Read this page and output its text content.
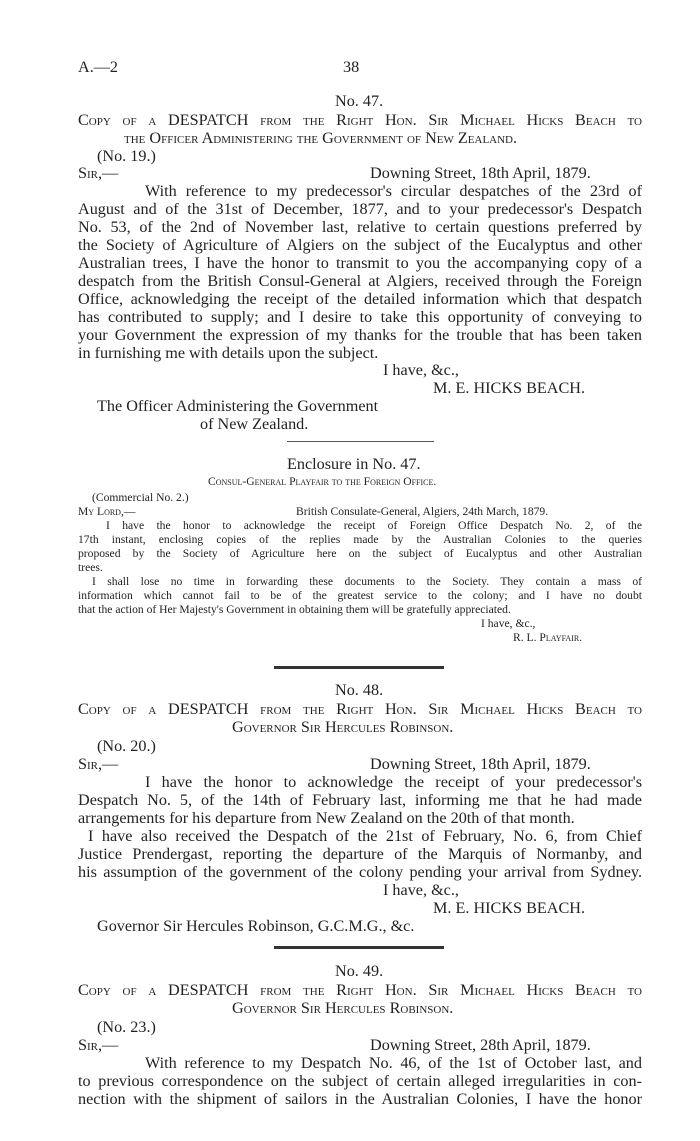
A.—2	38
No. 47.
Copy of a DESPATCH from the Right Hon. Sir Michael Hicks Beach to
the Officer Administering the Government of New Zealand.
(No. 19.)
Sir,—	Downing Street, 18th April, 1879.
With reference to my predecessor's circular despatches of the 23rd of
August and of the 31st of December, 1877, and to your predecessor's Despatch
No. 53, of the 2nd of November last, relative to certain questions preferred by
the Society of Agriculture of Algiers on the subject of the Eucalyptus and other
Australian trees, I have the honor to transmit to you the accompanying copy of a
despatch from the British Consul-General at Algiers, received through the Foreign
Office, acknowledging the receipt of the detailed information which that despatch
has contributed to supply; and I desire to take this opportunity of conveying to
your Government the expression of my thanks for the trouble that has been taken
in furnishing me with details upon the subject.
I have, &c.,
M. E. HICKS BEACH.
The Officer Administering the Government
of New Zealand.
Enclosure in No. 47.
Consul-General Playfair to the Foreign Office.
(Commercial No. 2.)
My Lord,—	British Consulate-General, Algiers, 24th March, 1879.
I have the honor to acknowledge the receipt of Foreign Office Despatch No. 2, of the
17th instant, enclosing copies of the replies made by the Australian Colonies to the queries
proposed by the Society of Agriculture here on the subject of Eucalyptus and other Australian
trees.
I shall lose no time in forwarding these documents to the Society. They contain a mass of
information which cannot fail to be of the greatest service to the colony; and I have no doubt
that the action of Her Majesty's Government in obtaining them will be gratefully appreciated.
I have, &c.,
R. L. Playfair.
No. 48.
Copy of a DESPATCH from the Right Hon. Sir Michael Hicks Beach to
Governor Sir Hercules Robinson.
(No. 20.)
Sir,—	Downing Street, 18th April, 1879.
I have the honor to acknowledge the receipt of your predecessor's
Despatch No. 5, of the 14th of February last, informing me that he had made
arrangements for his departure from New Zealand on the 20th of that month.
I have also received the Despatch of the 21st of February, No. 6, from Chief
Justice Prendergast, reporting the departure of the Marquis of Normanby, and
his assumption of the government of the colony pending your arrival from Sydney.
I have, &c.,
M. E. HICKS BEACH.
Governor Sir Hercules Robinson, G.C.M.G., &c.
No. 49.
Copy of a DESPATCH from the Right Hon. Sir Michael Hicks Beach to
Governor Sir Hercules Robinson.
(No. 23.)
Sir,—	Downing Street, 28th April, 1879.
With reference to my Despatch No. 46, of the 1st of October last, and
to previous correspondence on the subject of certain alleged irregularities in con-
nection with the shipment of sailors in the Australian Colonies, I have the honor
